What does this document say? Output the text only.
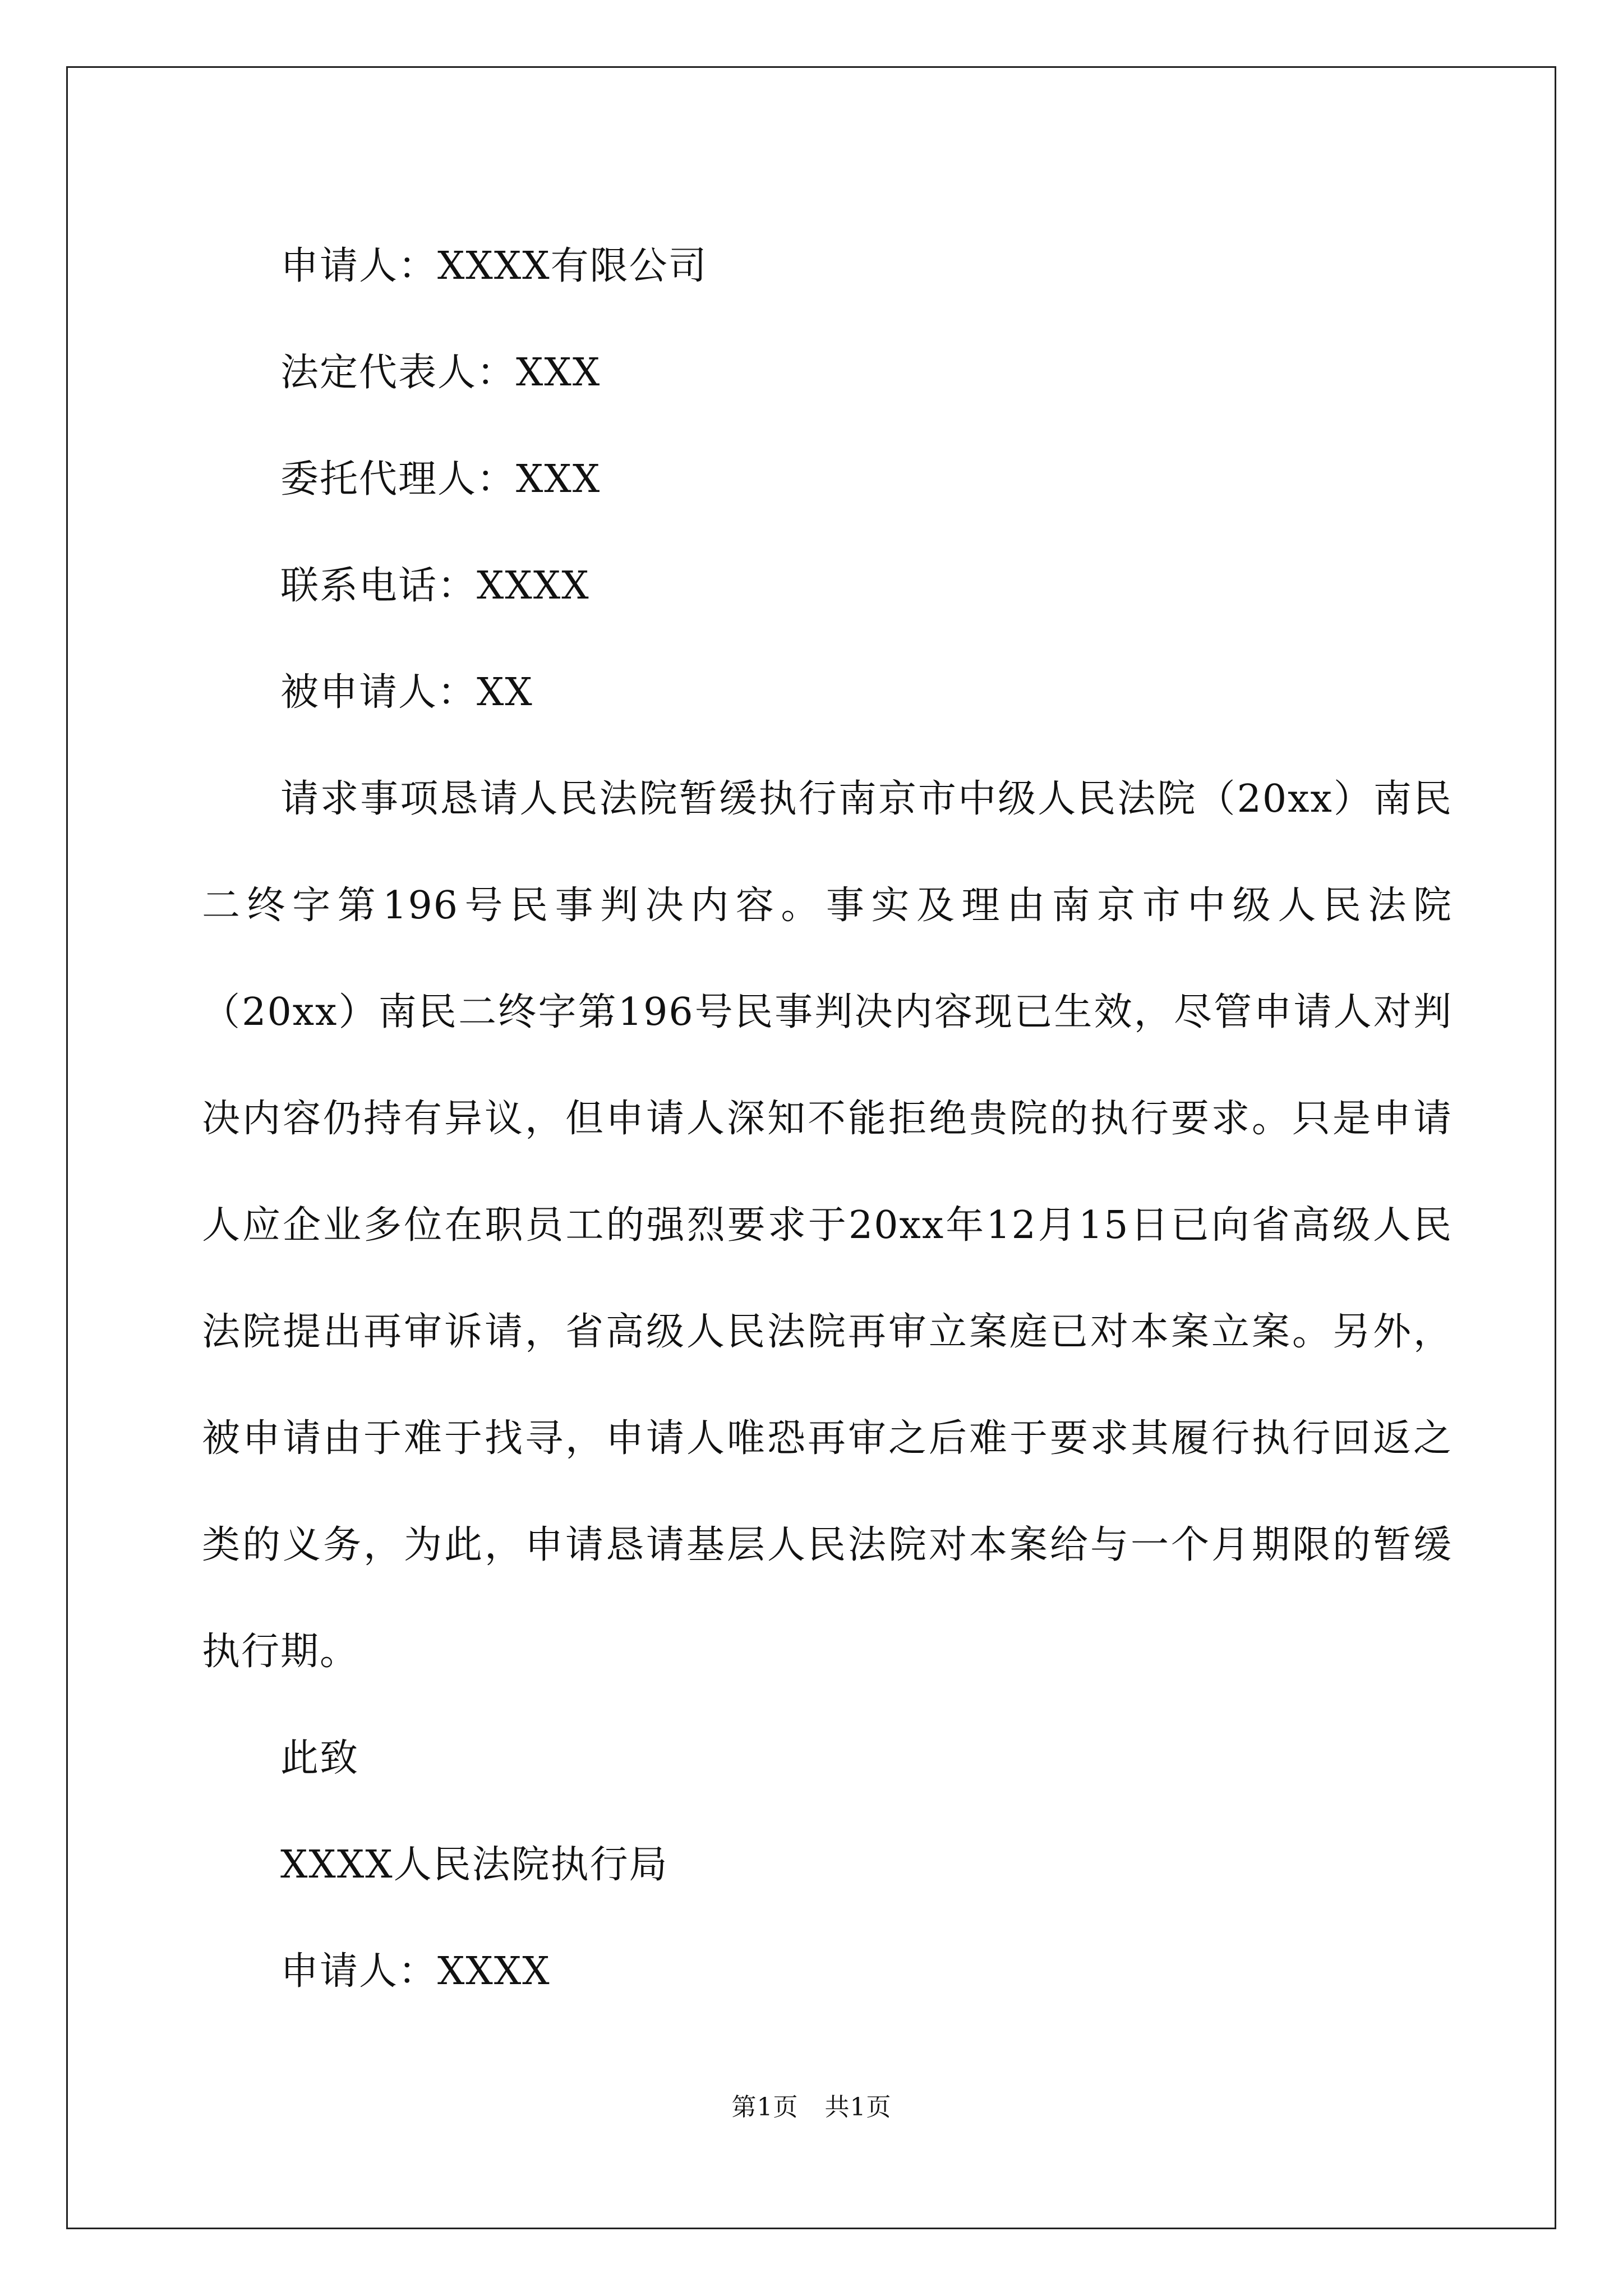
申请人：XXXX有限公司
法定代表人：XXX
委托代理人：XXX
联系电话：XXXX
被申请人：XX

请求事项恳请人民法院暂缓执行南京市中级人民法院（20xx）南民二终字第196号民事判决内容。事实及理由南京市中级人民法院（20xx）南民二终字第196号民事判决内容现已生效，尽管申请人对判决内容仍持有异议，但申请人深知不能拒绝贵院的执行要求。只是申请人应企业多位在职员工的强烈要求于20xx年12月15日已向省高级人民法院提出再审诉请，省高级人民法院再审立案庭已对本案立案。另外，被申请由于难于找寻，申请人唯恐再审之后难于要求其履行执行回返之类的义务，为此，申请恳请基层人民法院对本案给与一个月期限的暂缓执行期。

此致
XXXX人民法院执行局
申请人：XXXX
第1页 共1页
